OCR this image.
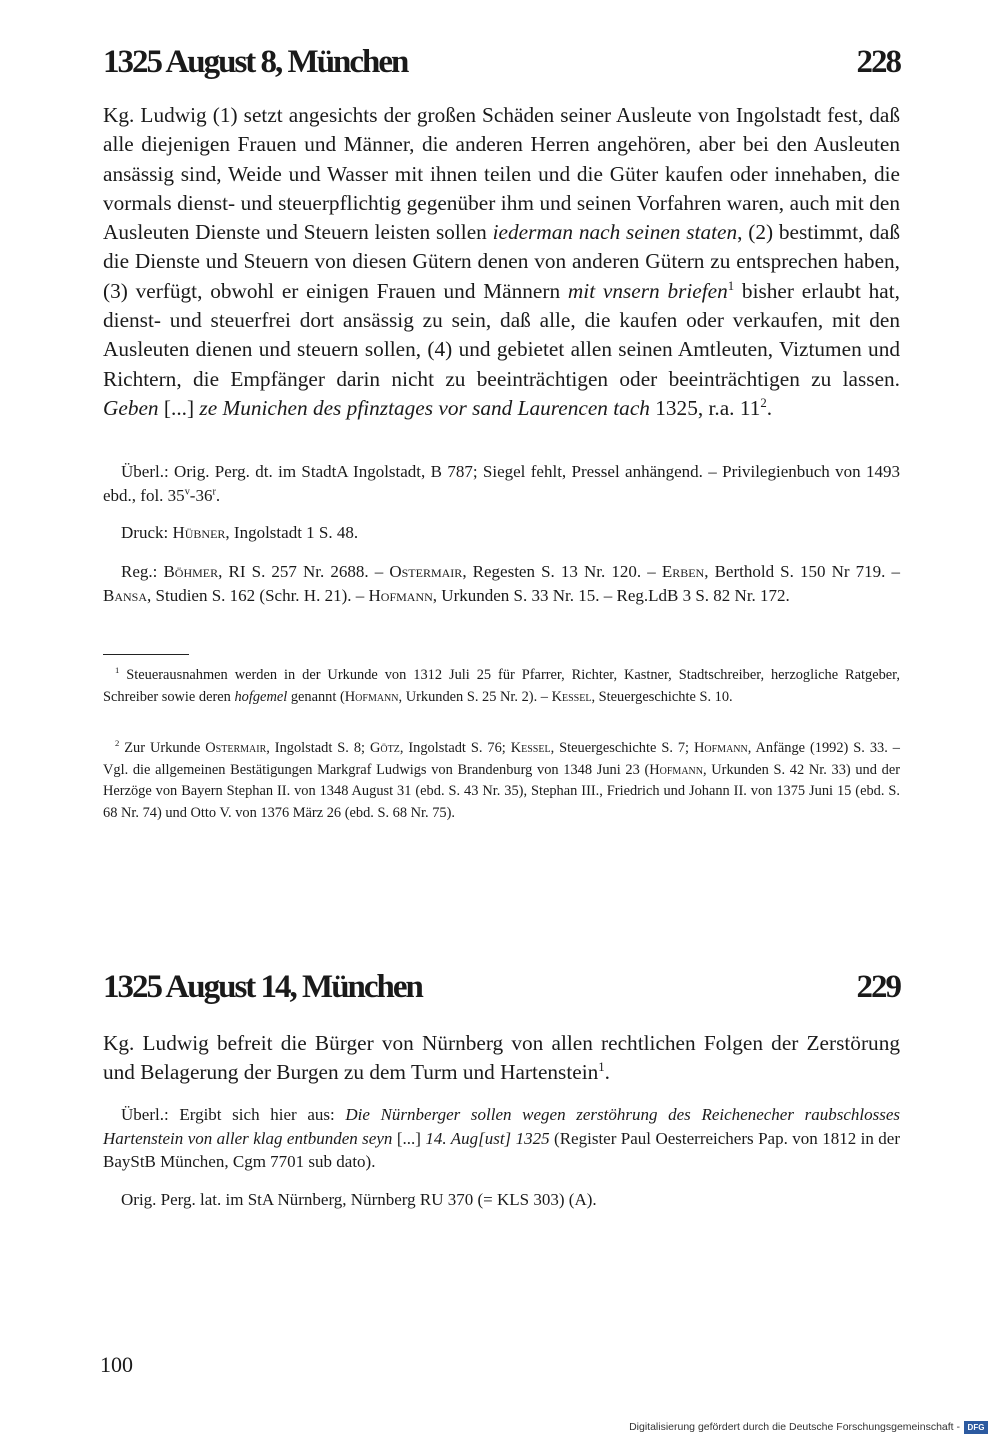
1325 August 8, München	228

Kg. Ludwig (1) setzt angesichts der großen Schäden seiner Ausleute von Ingolstadt fest, daß alle diejenigen Frauen und Männer, die anderen Herren angehören, aber bei den Ausleuten ansässig sind, Weide und Wasser mit ihnen teilen und die Güter kaufen oder innehaben, die vormals dienst- und steuerpflichtig gegenüber ihm und seinen Vorfahren waren, auch mit den Ausleuten Dienste und Steuern leisten sollen iederman nach seinen staten, (2) bestimmt, daß die Dienste und Steuern von diesen Gütern denen von anderen Gütern zu entsprechen haben, (3) verfügt, obwohl er einigen Frauen und Männern mit vnsern briefen$^1$ bisher erlaubt hat, dienst- und steuerfrei dort ansässig zu sein, daß alle, die kaufen oder verkaufen, mit den Ausleuten dienen und steuern sollen, (4) und gebietet allen seinen Amtleuten, Viztumen und Richtern, die Empfänger darin nicht zu beeinträchtigen oder beeinträchtigen zu lassen. Geben [...] ze Munichen des pfinztages vor sand Laurencen tach 1325, r.a. $11^2$.

Überl.: Orig. Perg. dt. im StadtA Ingolstadt, B 787; Siegel fehlt, Pressel anhängend. – Privilegienbuch von 1493 ebd., fol. 35$^v$-36$^r$.

Druck: Hübner, Ingolstadt 1 S. 48.

Reg.: Böhmer, RI S. 257 Nr. 2688. – Ostermair, Regesten S. 13 Nr. 120. – Erben, Berthold S. 150 Nr 719. – Bansa, Studien S. 162 (Schr. H. 21). – Hofmann, Urkunden S. 33 Nr. 15. – Reg.LdB 3 S. 82 Nr. 172.

$^1$ Steuerausnahmen werden in der Urkunde von 1312 Juli 25 für Pfarrer, Richter, Kastner, Stadtschreiber, herzogliche Ratgeber, Schreiber sowie deren hofgemel genannt (Hofmann, Urkunden S. 25 Nr. 2). – Kessel, Steuergeschichte S. 10.

$^2$ Zur Urkunde Ostermair, Ingolstadt S. 8; Götz, Ingolstadt S. 76; Kessel, Steuergeschichte S. 7; Hofmann, Anfänge (1992) S. 33. – Vgl. die allgemeinen Bestätigungen Markgraf Ludwigs von Brandenburg von 1348 Juni 23 (Hofmann, Urkunden S. 42 Nr. 33) und der Herzöge von Bayern Stephan II. von 1348 August 31 (ebd. S. 43 Nr. 35), Stephan III., Friedrich und Johann II. von 1375 Juni 15 (ebd. S. 68 Nr. 74) und Otto V. von 1376 März 26 (ebd. S. 68 Nr. 75).

1325 August 14, München	229

Kg. Ludwig befreit die Bürger von Nürnberg von allen rechtlichen Folgen der Zerstörung und Belagerung der Burgen zu dem Turm und Hartenstein$^1$.

Überl.: Ergibt sich hier aus: Die Nürnberger sollen wegen zerstöhrung des Reichenecher raubschlosses Hartenstein von aller klag entbunden seyn [...] 14. Aug[ust] 1325 (Register Paul Oesterreichers Pap. von 1812 in der BayStB München, Cgm 7701 sub dato).

Orig. Perg. lat. im StA Nürnberg, Nürnberg RU 370 (= KLS 303) (A).

100
Digitalisierung gefördert durch die Deutsche Forschungsgemeinschaft - DFG
